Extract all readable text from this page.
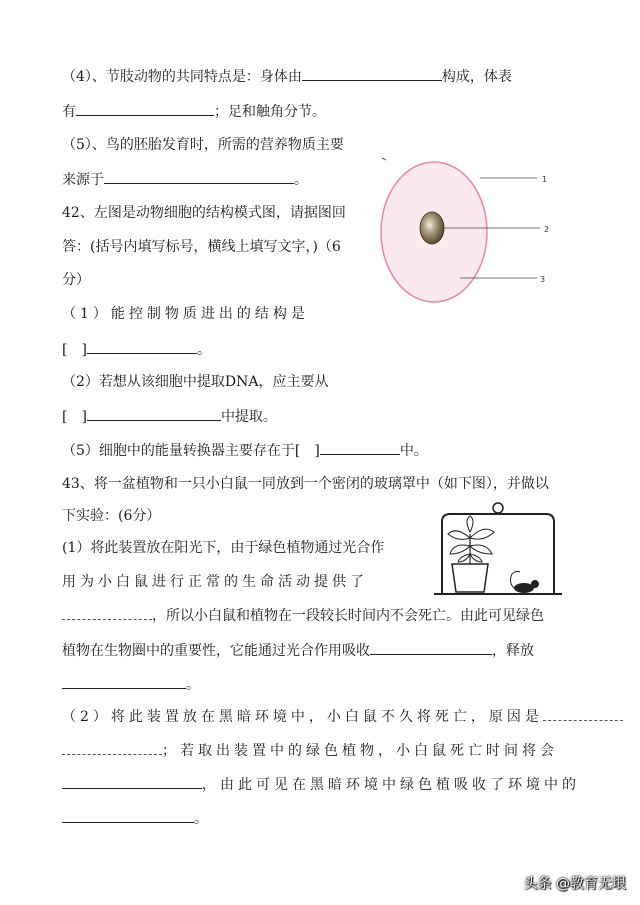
（4）、节肢动物的共同特点是：身体由	构成，体表
有	；足和触角分节。
（5）、鸟的胚胎发育时，所需的营养物质主要
来源于	。
42、左图是动物细胞的结构模式图，请据图回
答：(括号内填写标号，横线上填写文字，)（6
分）
（1）能控制物质进出的结构是
[　]	。
（2）若想从该细胞中提取DNA，应主要从
[　]	中提取。
（5）细胞中的能量转换器主要存在于[　]	中。
1
2
3
43、将一盆植物和一只小白鼠一同放到一个密闭的玻璃罩中（如下图），并做以
下实验：(6分）
(1）将此装置放在阳光下，由于绿色植物通过光合作
用为小白鼠进行正常的生命活动提供了
，所以小白鼠和植物在一段较长时间内不会死亡。由此可见绿色
植物在生物圈中的重要性，它能通过光合作用吸收	，释放
。
（2）将此装置放在黑暗环境中，小白鼠不久将死亡，原因是
；若取出装置中的绿色植物，小白鼠死亡时间将会
，由此可见在黑暗环境中绿色植吸收了环境中的
。
头条 @教育无垠
